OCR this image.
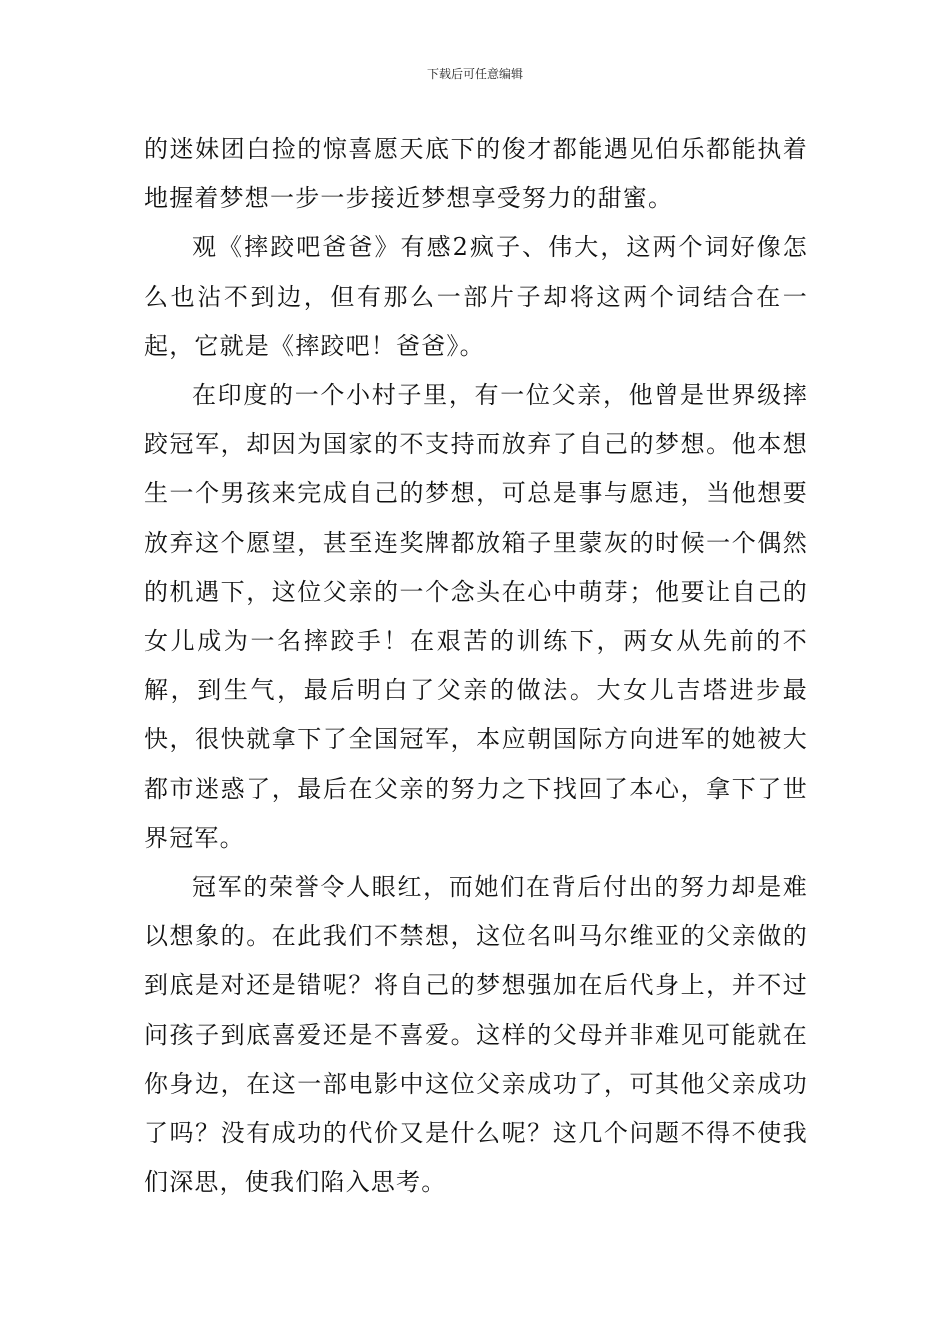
下载后可任意编辑

的迷妹团白捡的惊喜愿天底下的俊才都能遇见伯乐都能执着地握着梦想一步一步接近梦想享受努力的甜蜜。

观《摔跤吧爸爸》有感2疯子、伟大，这两个词好像怎么也沾不到边，但有那么一部片子却将这两个词结合在一起，它就是《摔跤吧！爸爸》。

在印度的一个小村子里，有一位父亲，他曾是世界级摔跤冠军，却因为国家的不支持而放弃了自己的梦想。他本想生一个男孩来完成自己的梦想，可总是事与愿违，当他想要放弃这个愿望，甚至连奖牌都放箱子里蒙灰的时候一个偶然的机遇下，这位父亲的一个念头在心中萌芽；他要让自己的女儿成为一名摔跤手！在艰苦的训练下，两女从先前的不解，到生气，最后明白了父亲的做法。大女儿吉塔进步最快，很快就拿下了全国冠军，本应朝国际方向进军的她被大都市迷惑了，最后在父亲的努力之下找回了本心，拿下了世界冠军。

冠军的荣誉令人眼红，而她们在背后付出的努力却是难以想象的。在此我们不禁想，这位名叫马尔维亚的父亲做的到底是对还是错呢？将自己的梦想强加在后代身上，并不过问孩子到底喜爱还是不喜爱。这样的父母并非难见可能就在你身边，在这一部电影中这位父亲成功了，可其他父亲成功了吗？没有成功的代价又是什么呢？这几个问题不得不使我们深思，使我们陷入思考。
